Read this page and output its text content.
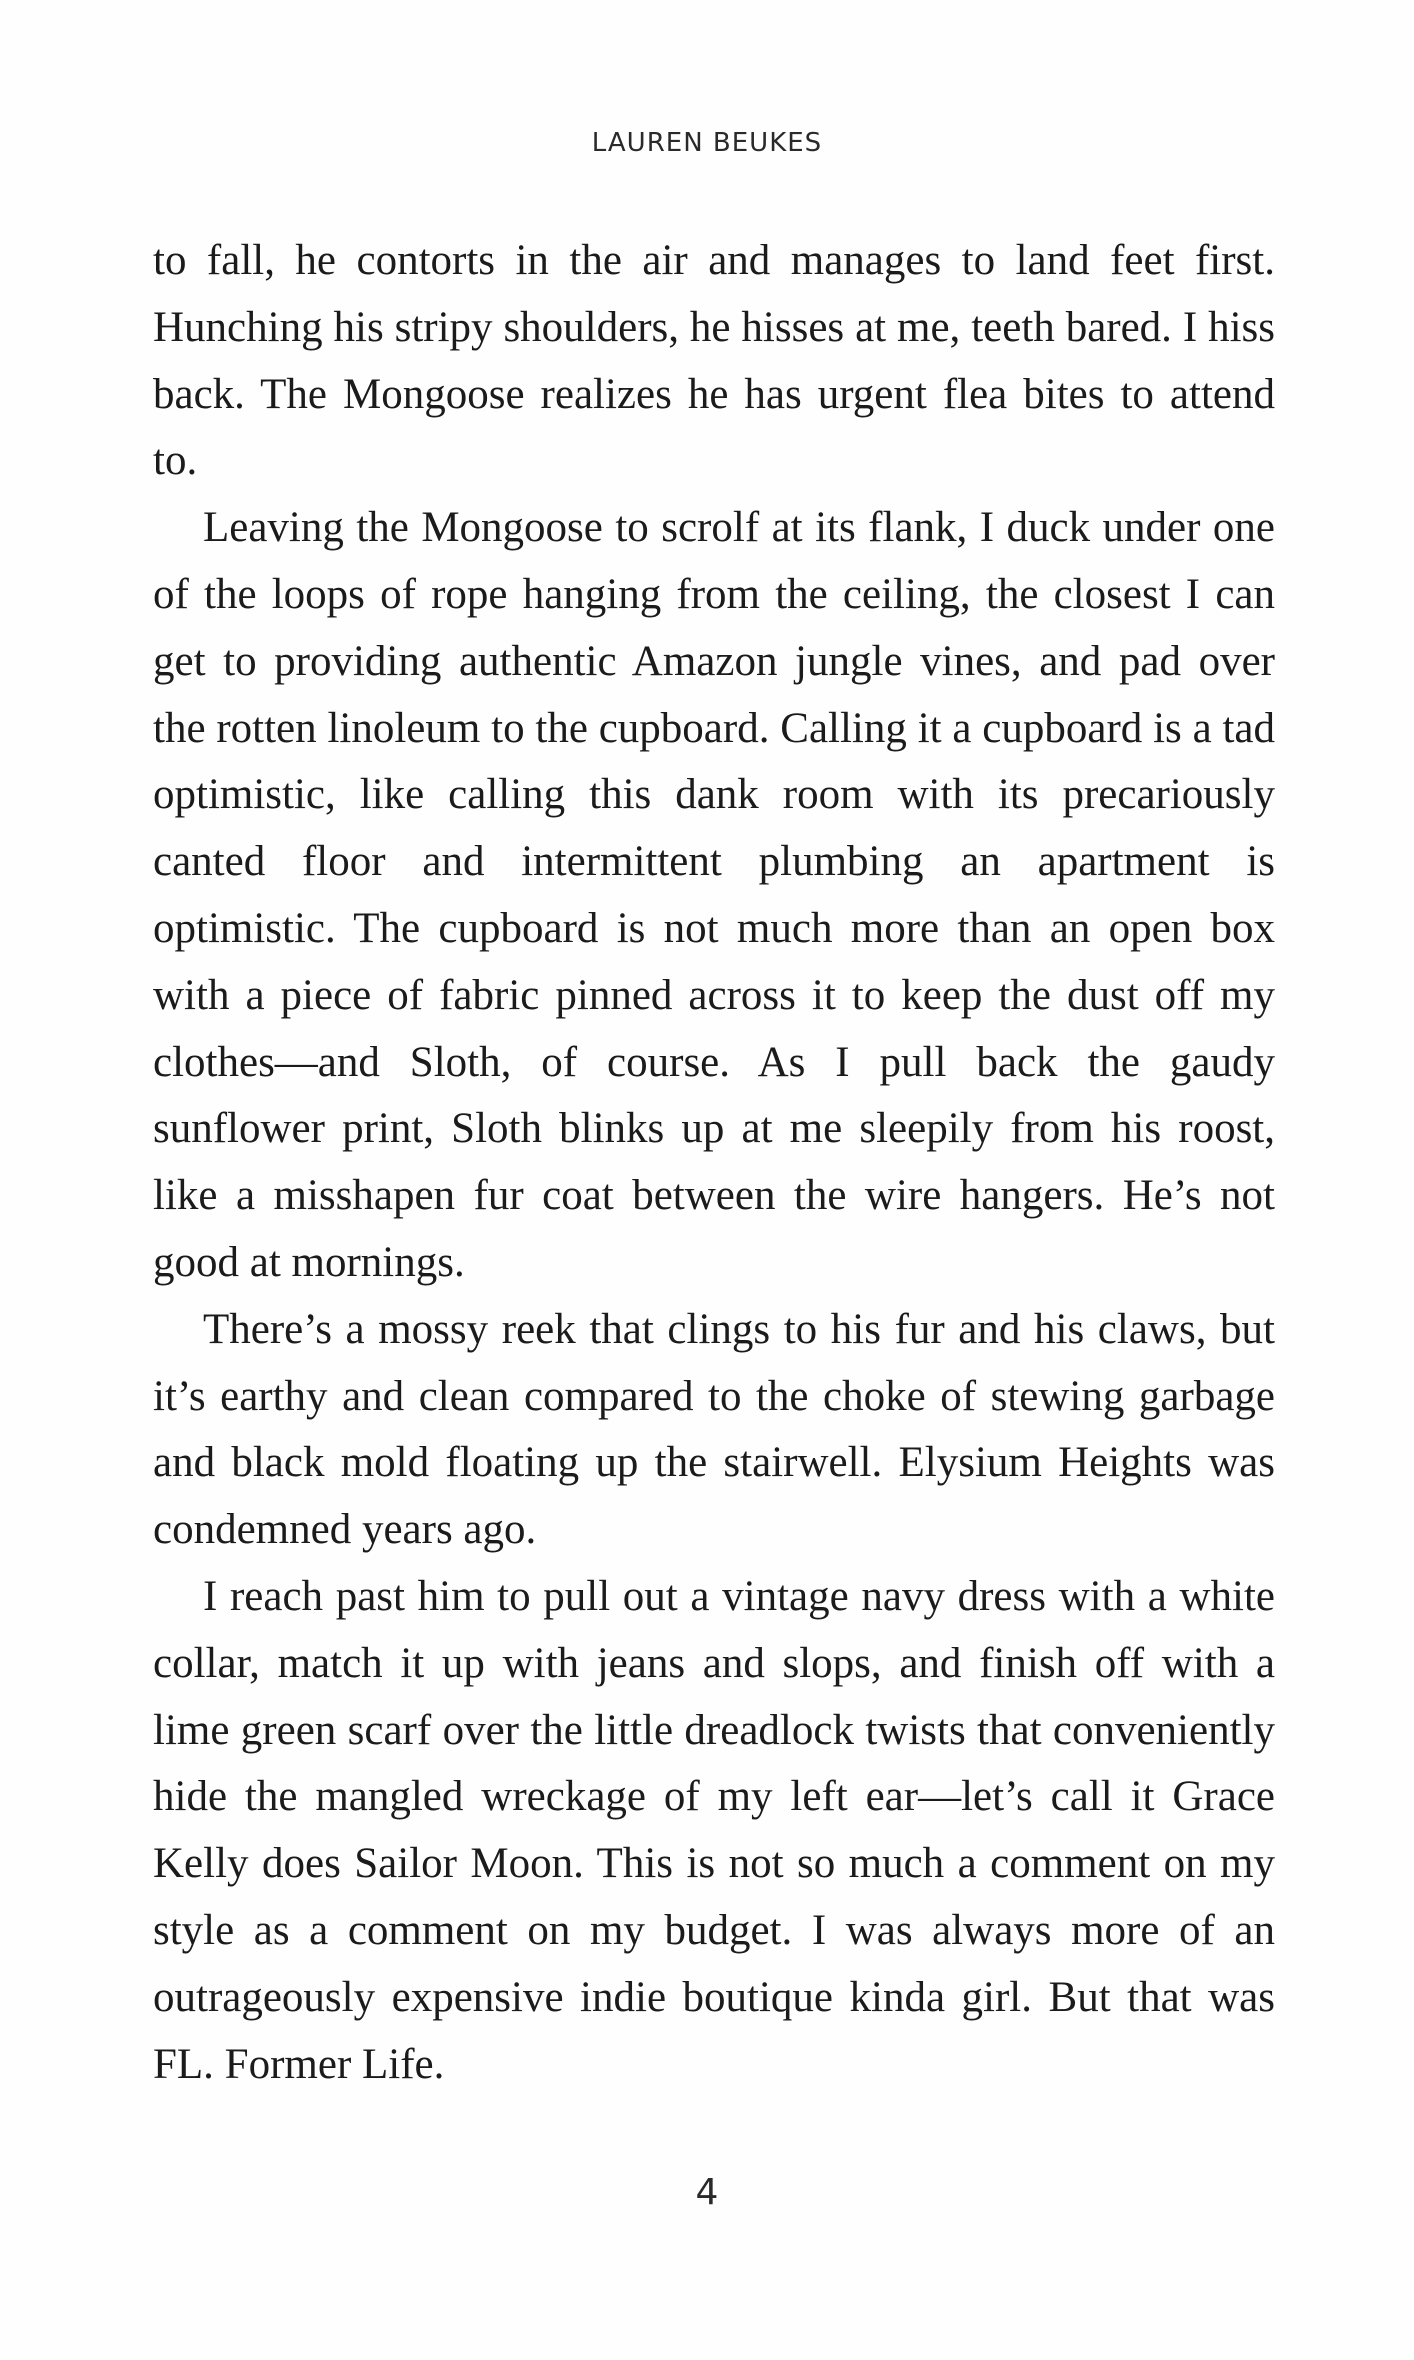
LAUREN BEUKES

to fall, he contorts in the air and manages to land feet first. Hunching his stripy shoulders, he hisses at me, teeth bared. I hiss back. The Mongoose realizes he has urgent flea bites to attend to.

Leaving the Mongoose to scrolf at its flank, I duck under one of the loops of rope hanging from the ceiling, the closest I can get to providing authentic Amazon jungle vines, and pad over the rotten linoleum to the cupboard. Calling it a cupboard is a tad optimistic, like calling this dank room with its precariously canted floor and intermittent plumbing an apartment is optimistic. The cupboard is not much more than an open box with a piece of fabric pinned across it to keep the dust off my clothes—and Sloth, of course. As I pull back the gaudy sunflower print, Sloth blinks up at me sleepily from his roost, like a misshapen fur coat between the wire hangers. He’s not good at mornings.

There’s a mossy reek that clings to his fur and his claws, but it’s earthy and clean compared to the choke of stewing garbage and black mold floating up the stairwell. Elysium Heights was condemned years ago.

I reach past him to pull out a vintage navy dress with a white collar, match it up with jeans and slops, and finish off with a lime green scarf over the little dreadlock twists that conveniently hide the mangled wreckage of my left ear—let’s call it Grace Kelly does Sailor Moon. This is not so much a comment on my style as a comment on my budget. I was always more of an outrageously expensive indie boutique kinda girl. But that was FL. Former Life.

4
